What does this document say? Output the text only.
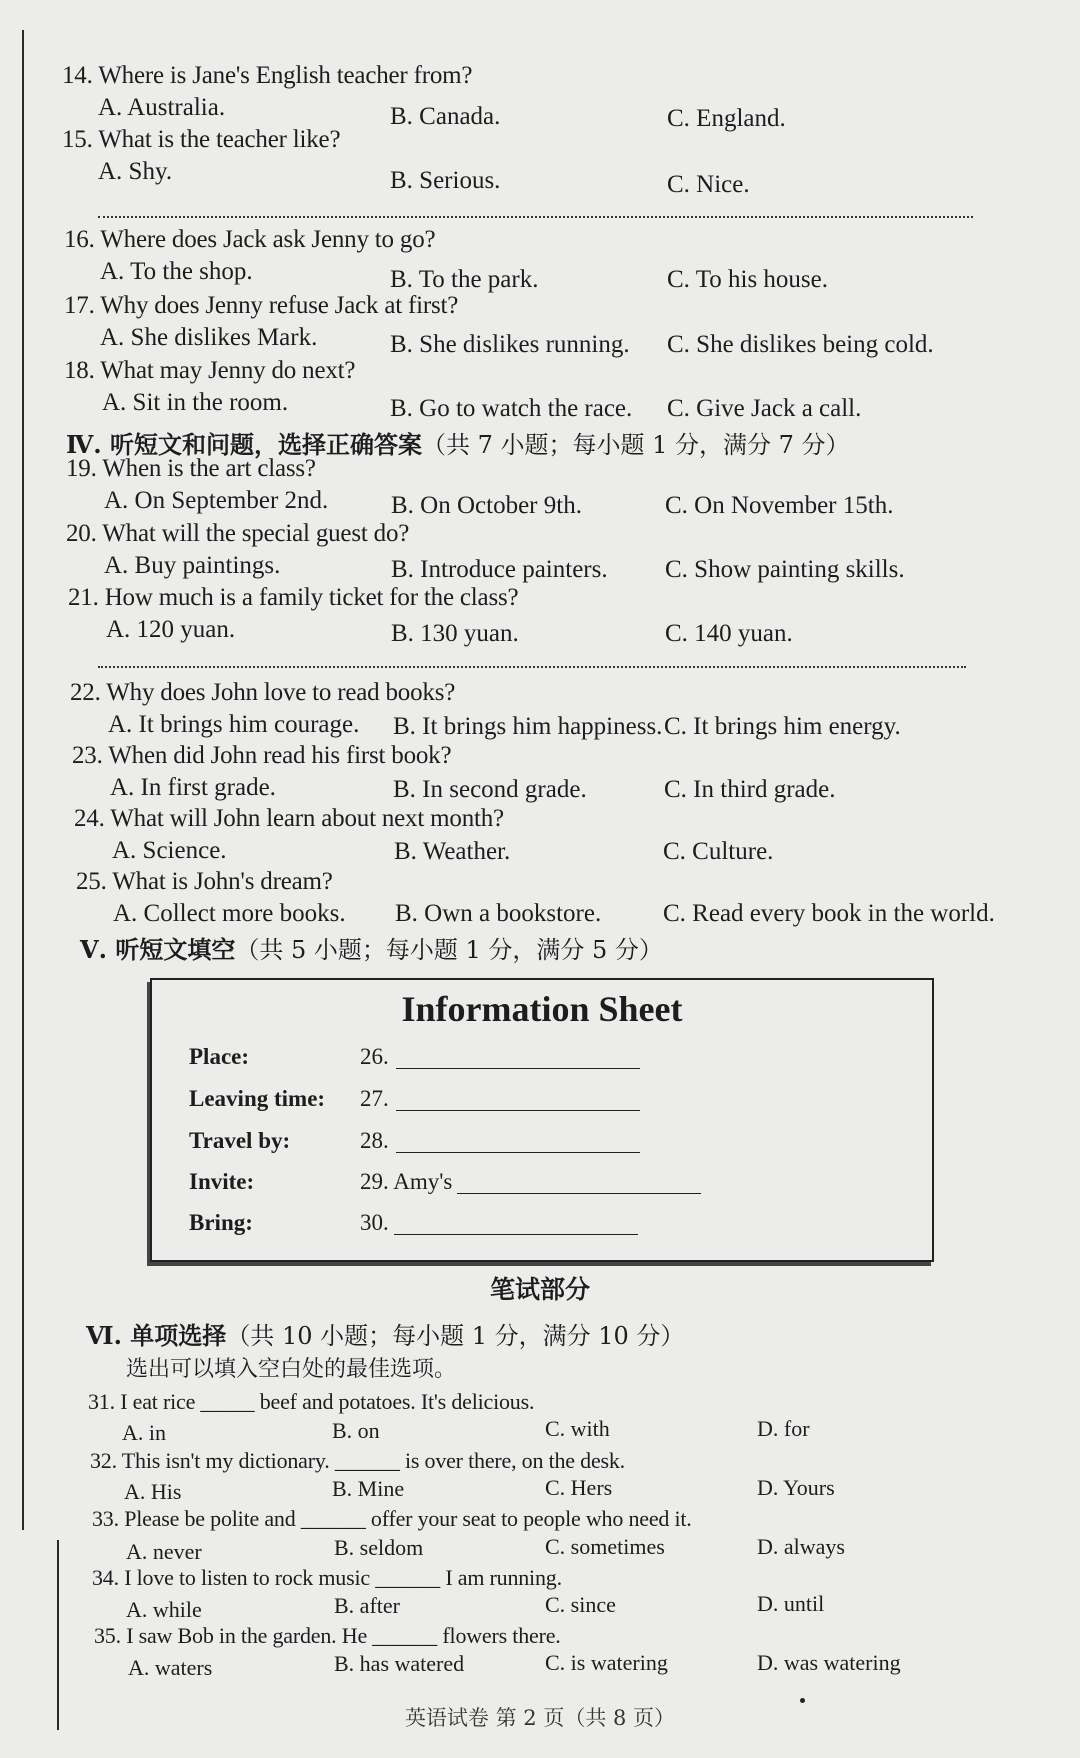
14. Where is Jane's English teacher from?
A. Australia.	B. Canada.	C. England.
15. What is the teacher like?
A. Shy.	B. Serious.	C. Nice.
16. Where does Jack ask Jenny to go?
A. To the shop.	B. To the park.	C. To his house.
17. Why does Jenny refuse Jack at first?
A. She dislikes Mark.	B. She dislikes running. C. She dislikes being cold.
18. What may Jenny do next?
A. Sit in the room.	B. Go to watch the race. C. Give Jack a call.
Ⅳ. 听短文和问题，选择正确答案（共 7 小题；每小题 1 分，满分 7 分）
19. When is the art class?
A. On September 2nd.	B. On October 9th.	C. On November 15th.
20. What will the special guest do?
A. Buy paintings.	B. Introduce painters. C. Show painting skills.
21. How much is a family ticket for the class?
A. 120 yuan.	B. 130 yuan.	C. 140 yuan.
22. Why does John love to read books?
A. It brings him courage. B. It brings him happiness. C. It brings him energy.
23. When did John read his first book?
A. In first grade.	B. In second grade.	C. In third grade.
24. What will John learn about next month?
A. Science.	B. Weather.	C. Culture.
25. What is John's dream?
A. Collect more books. B. Own a bookstore. C. Read every book in the world.
Ⅴ. 听短文填空（共 5 小题；每小题 1 分，满分 5 分）
Information Sheet
Place:	26.
Leaving time: 27.
Travel by:	28.
Invite:	29. Amy's
Bring:	30.
笔试部分
Ⅵ. 单项选择（共 10 小题；每小题 1 分，满分 10 分）
选出可以填入空白处的最佳选项。
31. I eat rice _____ beef and potatoes. It's delicious.
A. in	B. on	C. with	D. for
32. This isn't my dictionary. ______ is over there, on the desk.
A. His	B. Mine	C. Hers	D. Yours
33. Please be polite and ______ offer your seat to people who need it.
A. never	B. seldom	C. sometimes	D. always
34. I love to listen to rock music ______ I am running.
A. while	B. after	C. since	D. until
35. I saw Bob in the garden. He ______ flowers there.
A. waters	B. has watered	C. is watering	D. was watering
英语试卷 第 2 页（共 8 页）
